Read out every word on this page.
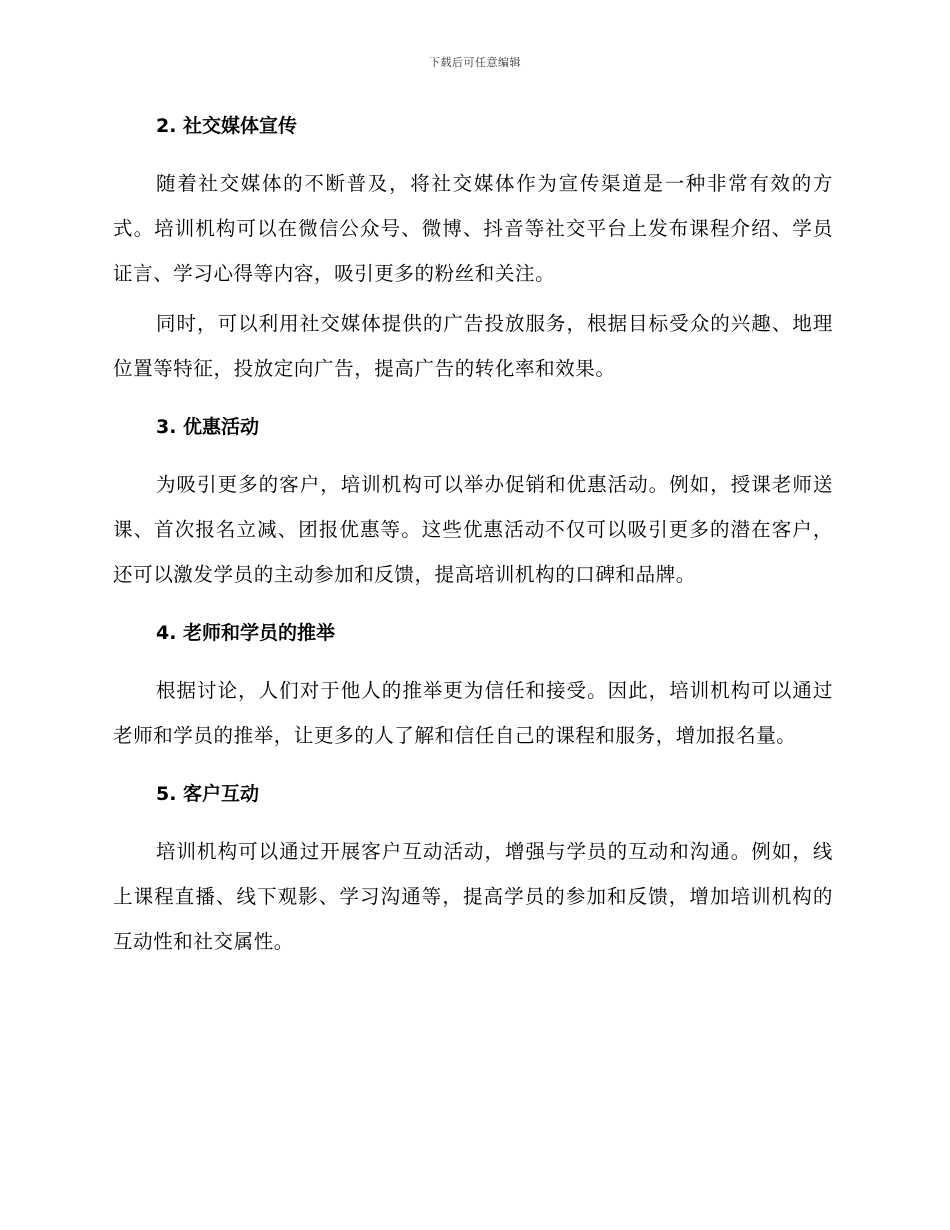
下载后可任意编辑
2. 社交媒体宣传

随着社交媒体的不断普及，将社交媒体作为宣传渠道是一种非常有效的方式。培训机构可以在微信公众号、微博、抖音等社交平台上发布课程介绍、学员证言、学习心得等内容，吸引更多的粉丝和关注。

同时，可以利用社交媒体提供的广告投放服务，根据目标受众的兴趣、地理位置等特征，投放定向广告，提高广告的转化率和效果。

3. 优惠活动

为吸引更多的客户，培训机构可以举办促销和优惠活动。例如，授课老师送课、首次报名立减、团报优惠等。这些优惠活动不仅可以吸引更多的潜在客户，还可以激发学员的主动参加和反馈，提高培训机构的口碑和品牌。

4. 老师和学员的推举

根据讨论，人们对于他人的推举更为信任和接受。因此，培训机构可以通过老师和学员的推举，让更多的人了解和信任自己的课程和服务，增加报名量。

5. 客户互动

培训机构可以通过开展客户互动活动，增强与学员的互动和沟通。例如，线上课程直播、线下观影、学习沟通等，提高学员的参加和反馈，增加培训机构的互动性和社交属性。
